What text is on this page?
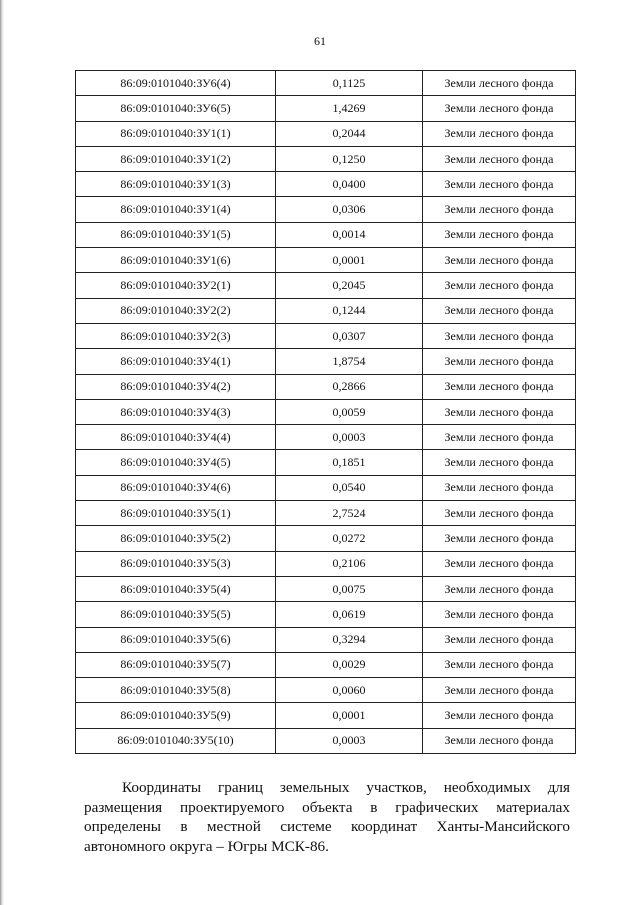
61
86:09:0101040:ЗУ6(4)	0,1125	Земли лесного фонда
86:09:0101040:ЗУ6(5)	1,4269	Земли лесного фонда
86:09:0101040:ЗУ1(1)	0,2044	Земли лесного фонда
86:09:0101040:ЗУ1(2)	0,1250	Земли лесного фонда
86:09:0101040:ЗУ1(3)	0,0400	Земли лесного фонда
86:09:0101040:ЗУ1(4)	0,0306	Земли лесного фонда
86:09:0101040:ЗУ1(5)	0,0014	Земли лесного фонда
86:09:0101040:ЗУ1(6)	0,0001	Земли лесного фонда
86:09:0101040:ЗУ2(1)	0,2045	Земли лесного фонда
86:09:0101040:ЗУ2(2)	0,1244	Земли лесного фонда
86:09:0101040:ЗУ2(3)	0,0307	Земли лесного фонда
86:09:0101040:ЗУ4(1)	1,8754	Земли лесного фонда
86:09:0101040:ЗУ4(2)	0,2866	Земли лесного фонда
86:09:0101040:ЗУ4(3)	0,0059	Земли лесного фонда
86:09:0101040:ЗУ4(4)	0,0003	Земли лесного фонда
86:09:0101040:ЗУ4(5)	0,1851	Земли лесного фонда
86:09:0101040:ЗУ4(6)	0,0540	Земли лесного фонда
86:09:0101040:ЗУ5(1)	2,7524	Земли лесного фонда
86:09:0101040:ЗУ5(2)	0,0272	Земли лесного фонда
86:09:0101040:ЗУ5(3)	0,2106	Земли лесного фонда
86:09:0101040:ЗУ5(4)	0,0075	Земли лесного фонда
86:09:0101040:ЗУ5(5)	0,0619	Земли лесного фонда
86:09:0101040:ЗУ5(6)	0,3294	Земли лесного фонда
86:09:0101040:ЗУ5(7)	0,0029	Земли лесного фонда
86:09:0101040:ЗУ5(8)	0,0060	Земли лесного фонда
86:09:0101040:ЗУ5(9)	0,0001	Земли лесного фонда
86:09:0101040:ЗУ5(10)	0,0003	Земли лесного фонда

Координаты границ земельных участков, необходимых для размещения проектируемого объекта в графических материалах определены в местной системе координат Ханты-Мансийского автономного округа – Югры МСК-86.
